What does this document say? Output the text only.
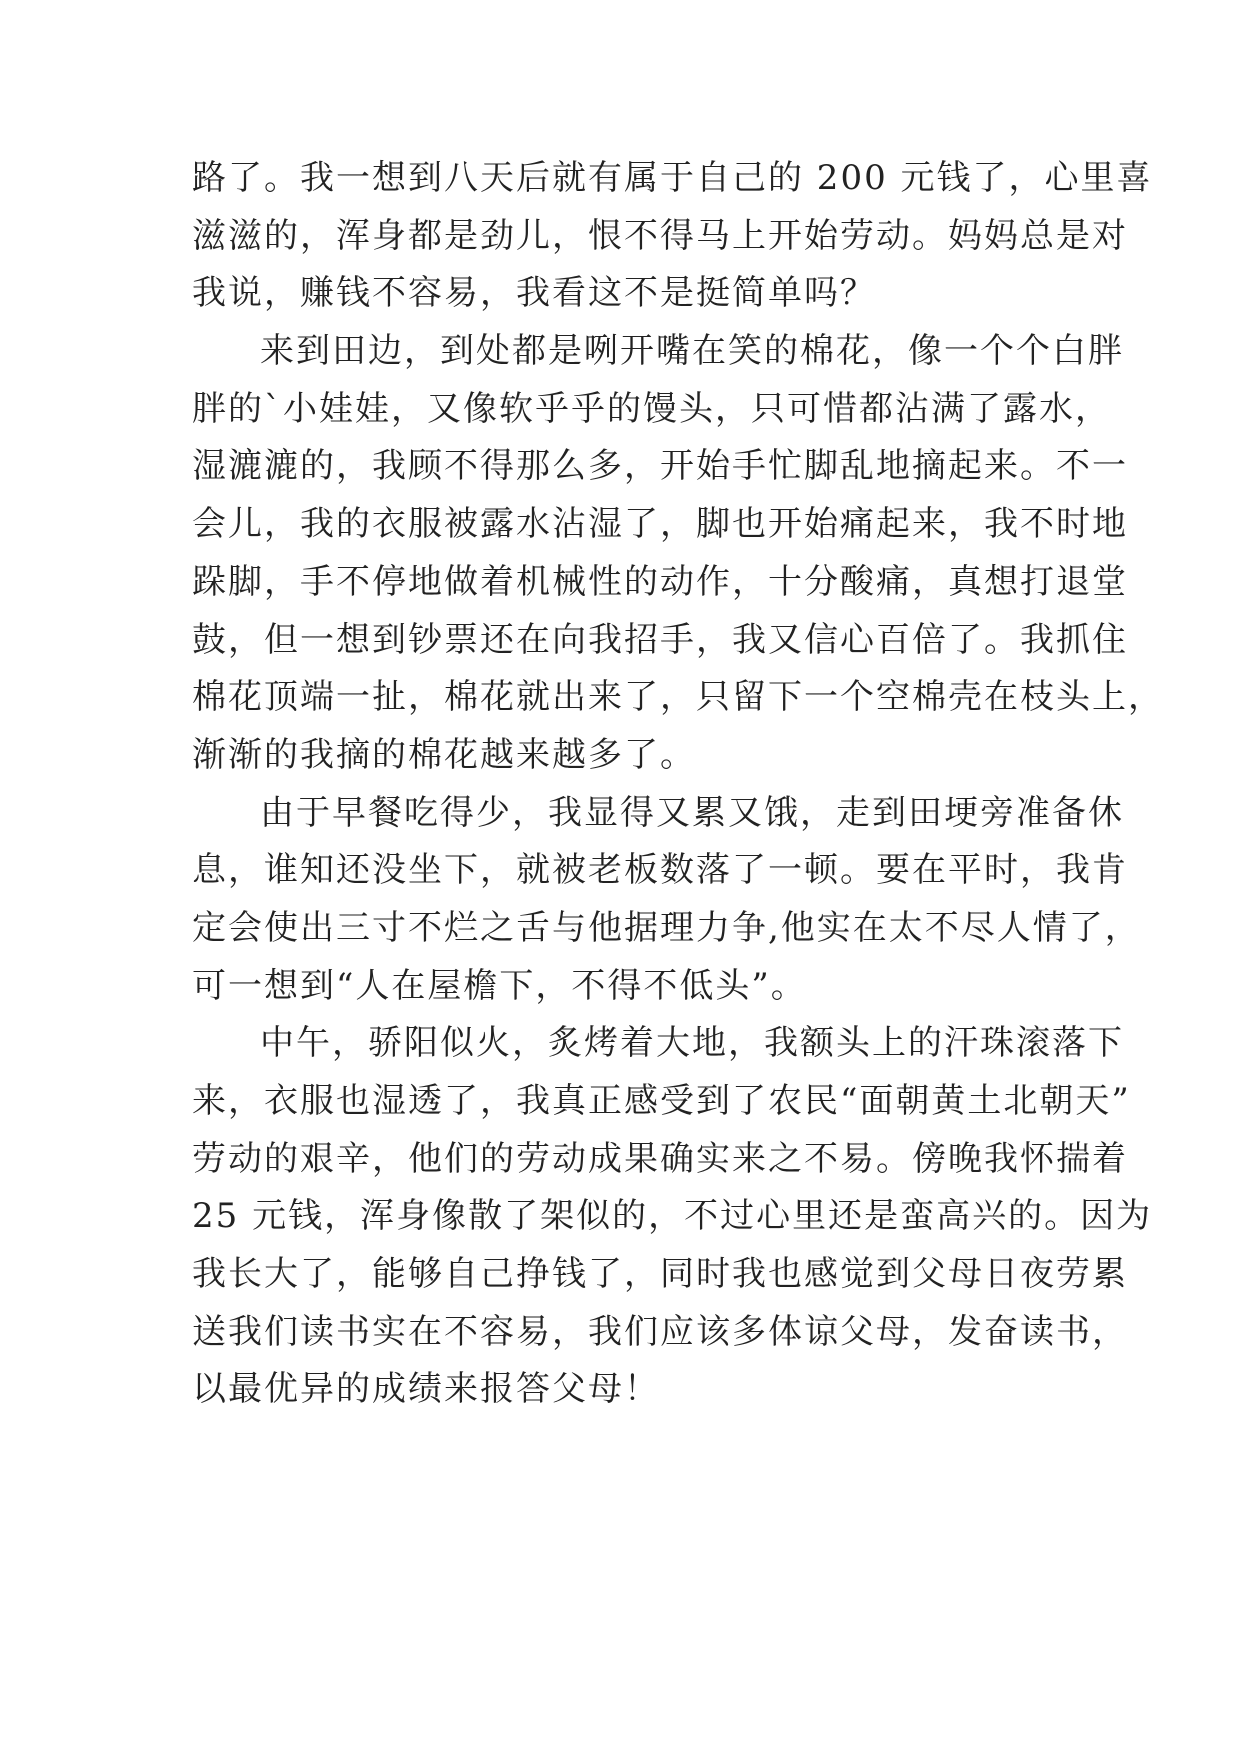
路了。我一想到八天后就有属于自己的 200 元钱了，心里喜
滋滋的，浑身都是劲儿，恨不得马上开始劳动。妈妈总是对
我说，赚钱不容易，我看这不是挺简单吗？
来到田边，到处都是咧开嘴在笑的棉花，像一个个白胖
胖的`小娃娃，又像软乎乎的馒头，只可惜都沾满了露水，
湿漉漉的，我顾不得那么多，开始手忙脚乱地摘起来。不一
会儿，我的衣服被露水沾湿了，脚也开始痛起来，我不时地
跺脚，手不停地做着机械性的动作，十分酸痛，真想打退堂
鼓，但一想到钞票还在向我招手，我又信心百倍了。我抓住
棉花顶端一扯，棉花就出来了，只留下一个空棉壳在枝头上，
渐渐的我摘的棉花越来越多了。
由于早餐吃得少，我显得又累又饿，走到田埂旁准备休
息，谁知还没坐下，就被老板数落了一顿。要在平时，我肯
定会使出三寸不烂之舌与他据理力争,他实在太不尽人情了，
可一想到“人在屋檐下，不得不低头”。
中午，骄阳似火，炙烤着大地，我额头上的汗珠滚落下
来，衣服也湿透了，我真正感受到了农民“面朝黄土北朝天”
劳动的艰辛，他们的劳动成果确实来之不易。傍晚我怀揣着
25 元钱，浑身像散了架似的，不过心里还是蛮高兴的。因为
我长大了，能够自己挣钱了，同时我也感觉到父母日夜劳累
送我们读书实在不容易，我们应该多体谅父母，发奋读书，
以最优异的成绩来报答父母！
